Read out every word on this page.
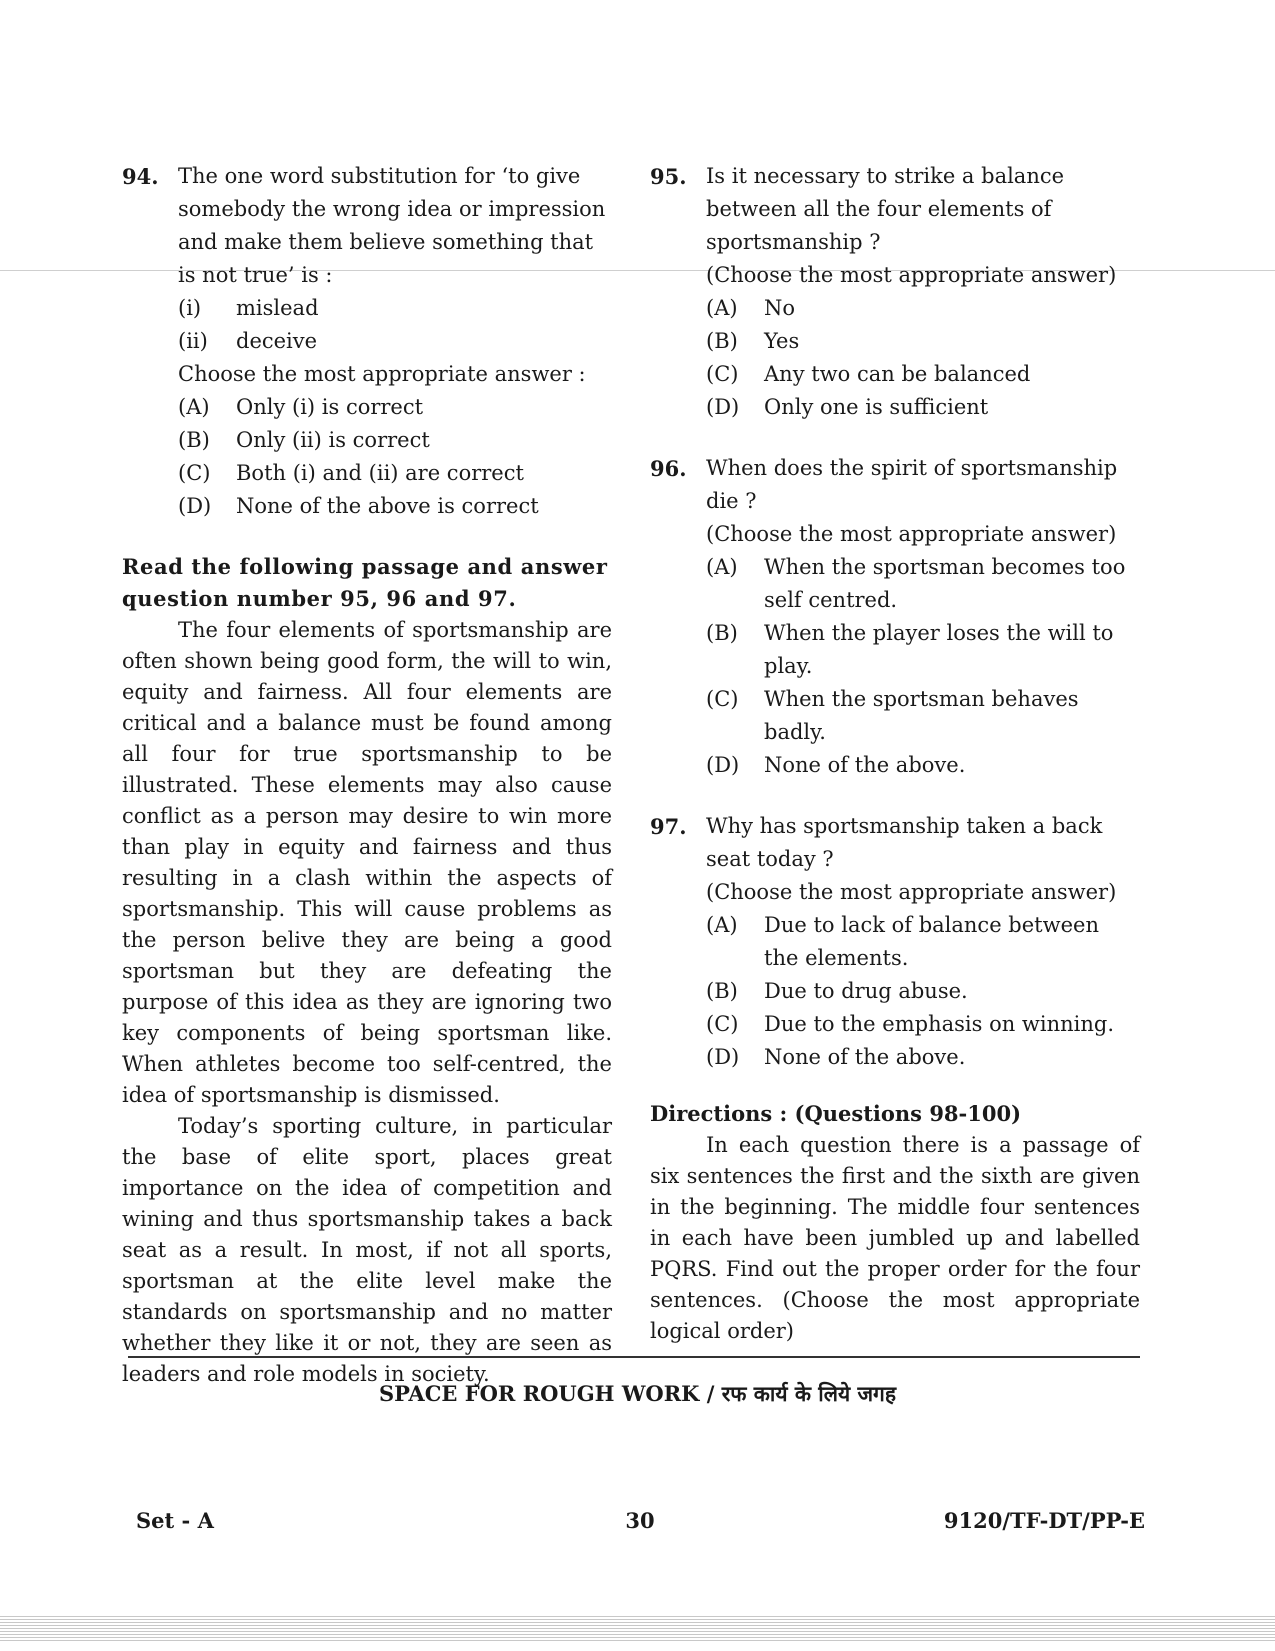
94. The one word substitution for ‘to give somebody the wrong idea or impression and make them believe something that is not true’ is :
(i) mislead
(ii) deceive
Choose the most appropriate answer :
(A) Only (i) is correct
(B) Only (ii) is correct
(C) Both (i) and (ii) are correct
(D) None of the above is correct
Read the following passage and answer question number 95, 96 and 97.

The four elements of sportsmanship are often shown being good form, the will to win, equity and fairness. All four elements are critical and a balance must be found among all four for true sportsmanship to be illustrated. These elements may also cause conflict as a person may desire to win more than play in equity and fairness and thus resulting in a clash within the aspects of sportsmanship. This will cause problems as the person belive they are being a good sportsman but they are defeating the purpose of this idea as they are ignoring two key components of being sportsman like. When athletes become too self-centred, the idea of sportsmanship is dismissed.

Today’s sporting culture, in particular the base of elite sport, places great importance on the idea of competition and wining and thus sportsmanship takes a back seat as a result. In most, if not all sports, sportsman at the elite level make the standards on sportsmanship and no matter whether they like it or not, they are seen as leaders and role models in society.

95. Is it necessary to strike a balance between all the four elements of sportsmanship ?
(Choose the most appropriate answer)
(A) No
(B) Yes
(C) Any two can be balanced
(D) Only one is sufficient
96. When does the spirit of sportsmanship die ?
(Choose the most appropriate answer)
(A) When the sportsman becomes too self centred.
(B) When the player loses the will to play.
(C) When the sportsman behaves badly.
(D) None of the above.
97. Why has sportsmanship taken a back seat today ?
(Choose the most appropriate answer)
(A) Due to lack of balance between the elements.
(B) Due to drug abuse.
(C) Due to the emphasis on winning.
(D) None of the above.
Directions : (Questions 98-100)

In each question there is a passage of six sentences the first and the sixth are given in the beginning. The middle four sentences in each have been jumbled up and labelled PQRS. Find out the proper order for the four sentences. (Choose the most appropriate logical order)

SPACE FOR ROUGH WORK / रफ कार्य के लिये जगह
Set - A	30	9120/TF-DT/PP-E
